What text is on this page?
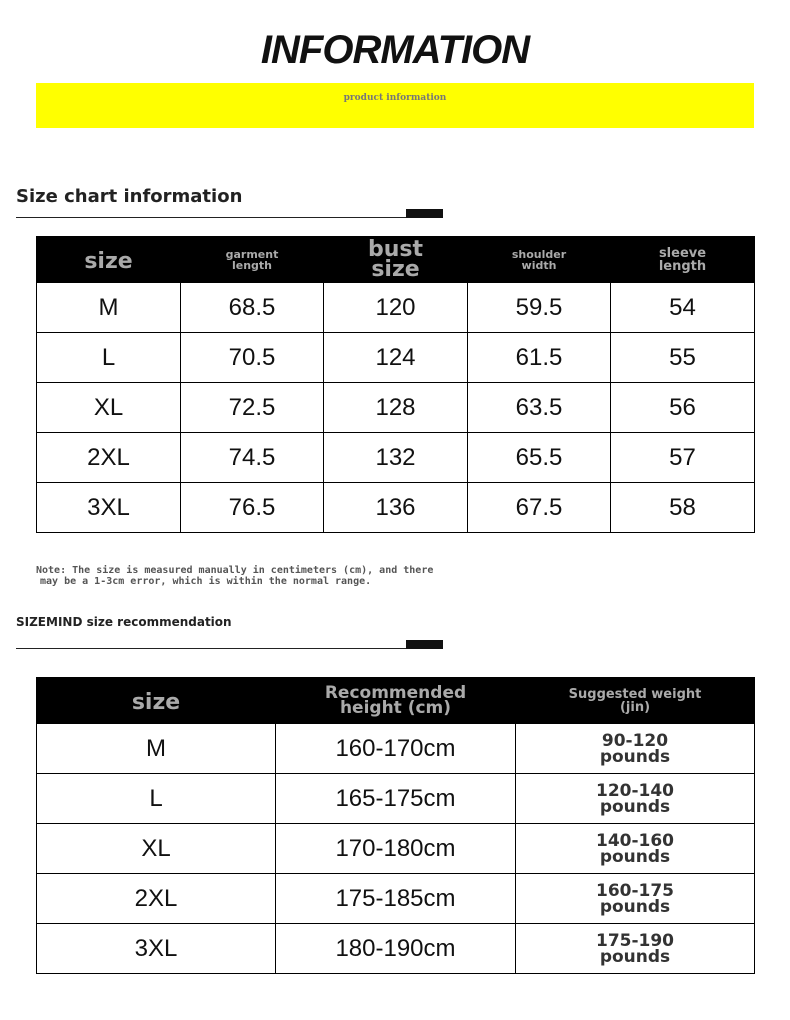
INFORMATION
product information
Size chart information
size	garment length	bust size	shoulder width	sleeve length

M	68.5	120	59.5	54
L	70.5	124	61.5	55
XL	72.5	128	63.5	56
2XL	74.5	132	65.5	57
3XL	76.5	136	67.5	58
Note: The size is measured manually in centimeters (cm), and there
may be a 1-3cm error, which is within the normal range.
SIZEMIND size recommendation
size	Recommended height (cm)	Suggested weight (jin)

M	160-170cm	90-120
pounds

L	165-175cm	120-140
pounds

XL	170-180cm	140-160
pounds

2XL	175-185cm	160-175
pounds

3XL	180-190cm	175-190
pounds
